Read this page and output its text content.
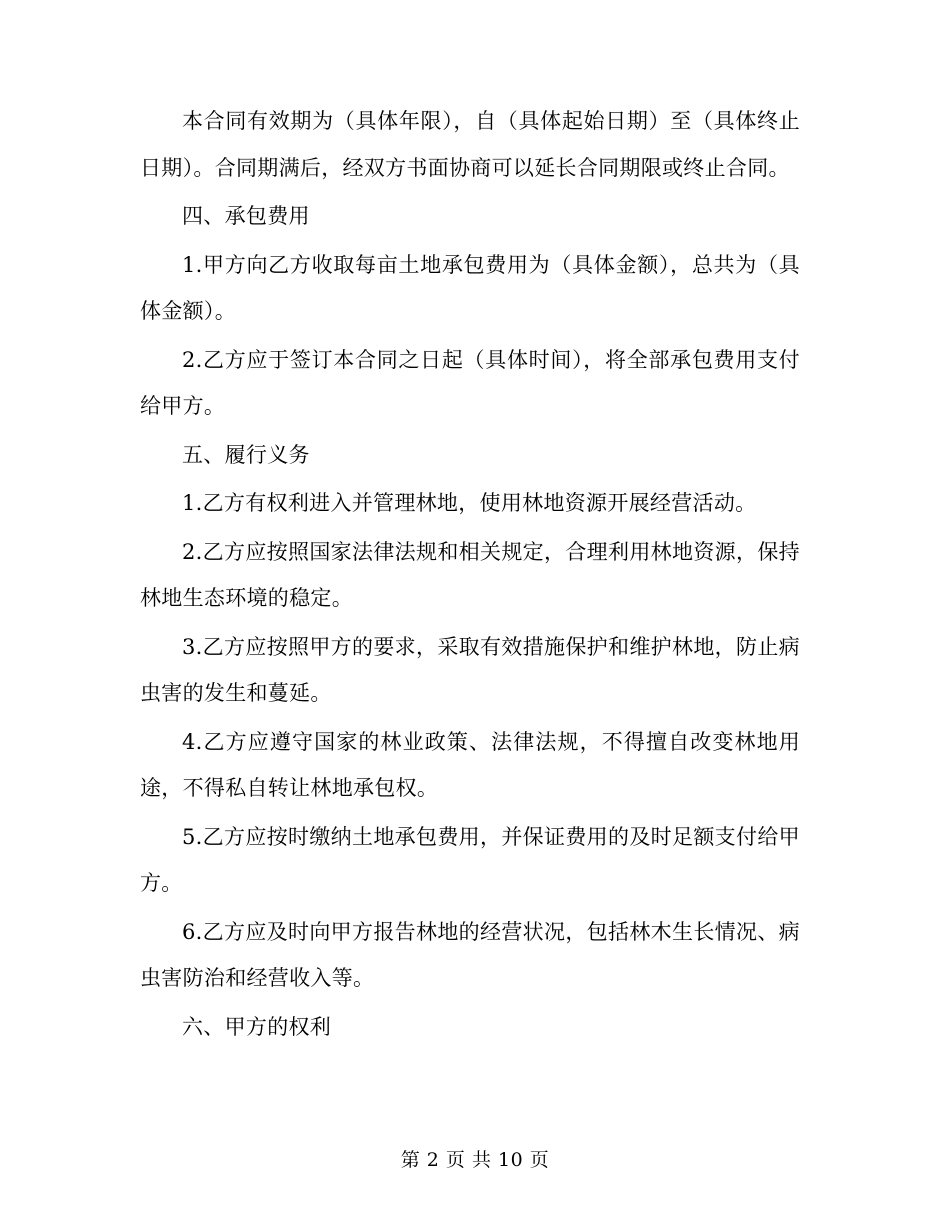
本合同有效期为（具体年限），自（具体起始日期）至（具体终止日期）。合同期满后，经双方书面协商可以延长合同期限或终止合同。

四、承包费用

1.甲方向乙方收取每亩土地承包费用为（具体金额），总共为（具体金额）。

2.乙方应于签订本合同之日起（具体时间），将全部承包费用支付给甲方。

五、履行义务

1.乙方有权利进入并管理林地，使用林地资源开展经营活动。

2.乙方应按照国家法律法规和相关规定，合理利用林地资源，保持林地生态环境的稳定。

3.乙方应按照甲方的要求，采取有效措施保护和维护林地，防止病虫害的发生和蔓延。

4.乙方应遵守国家的林业政策、法律法规，不得擅自改变林地用途，不得私自转让林地承包权。

5.乙方应按时缴纳土地承包费用，并保证费用的及时足额支付给甲方。

6.乙方应及时向甲方报告林地的经营状况，包括林木生长情况、病虫害防治和经营收入等。

六、甲方的权利

第 2 页 共 10 页
